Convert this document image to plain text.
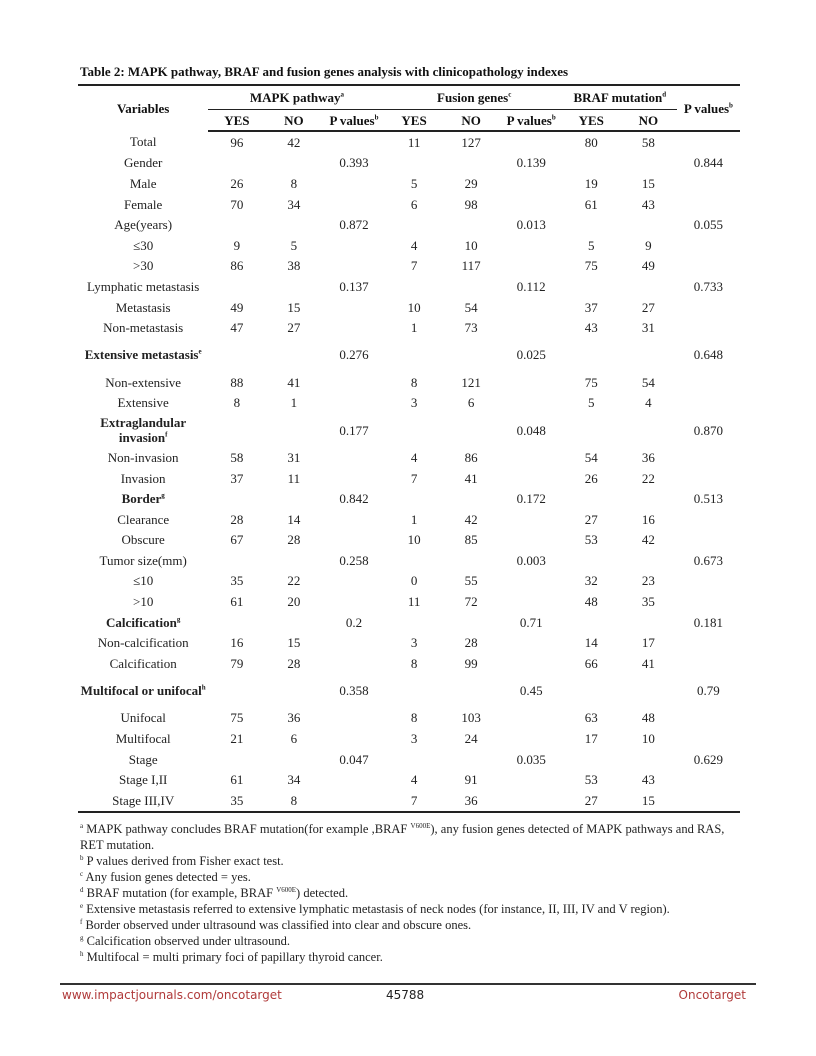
Table 2: MAPK pathway, BRAF and fusion genes analysis with clinicopathology indexes
Variables	MAPK pathway$^a$			Fusion genes$^c$			BRAF mutation$^d$		P values$^b$
	YES	NO	P values$^b$	YES	NO	P values$^b$	YES	NO	
Total	96	42		11	127		80	58	
Gender			0.393			0.139			0.844
Male	26	8		5	29		19	15	
Female	70	34		6	98		61	43	
Age(years)			0.872			0.013			0.055
≤30	9	5		4	10		5	9	
>30	86	38		7	117		75	49	
Lymphatic metastasis			0.137			0.112			0.733
Metastasis	49	15		10	54		37	27	
Non-metastasis	47	27		1	73		43	31	
Extensive metastasis$^e$			0.276			0.025			0.648
Non-extensive	88	41		8	121		75	54	
Extensive	8	1		3	6		5	4	
Extraglandular invasion$^f$			0.177			0.048			0.870
Non-invasion	58	31		4	86		54	36	
Invasion	37	11		7	41		26	22	
Border$^g$			0.842			0.172			0.513
Clearance	28	14		1	42		27	16	
Obscure	67	28		10	85		53	42	
Tumor size(mm)			0.258			0.003			0.673
≤10	35	22		0	55		32	23	
>10	61	20		11	72		48	35	
Calcification$^g$			0.2			0.71			0.181
Non-calcification	16	15		3	28		14	17	
Calcification	79	28		8	99		66	41	
Multifocal or unifocal$^h$			0.358			0.45			0.79
Unifocal	75	36		8	103		63	48	
Multifocal	21	6		3	24		17	10	
Stage			0.047			0.035			0.629
Stage I,II	61	34		4	91		53	43	
Stage III,IV	35	8		7	36		27	15	

$^a$ MAPK pathway concludes BRAF mutation(for example ,BRAF $^{V600E}$), any fusion genes detected of MAPK pathways and RAS, RET mutation.

$^b$ P values derived from Fisher exact test.

$^c$ Any fusion genes detected = yes.

$^d$ BRAF mutation (for example, BRAF $^{V600E}$) detected.

$^e$ Extensive metastasis referred to extensive lymphatic metastasis of neck nodes (for instance, II, III, IV and V region).

$^f$ Border observed under ultrasound was classified into clear and obscure ones.

$^g$ Calcification observed under ultrasound.

$^h$ Multifocal = multi primary foci of papillary thyroid cancer.

www.impactjournals.com/oncotarget	45788	Oncotarget
